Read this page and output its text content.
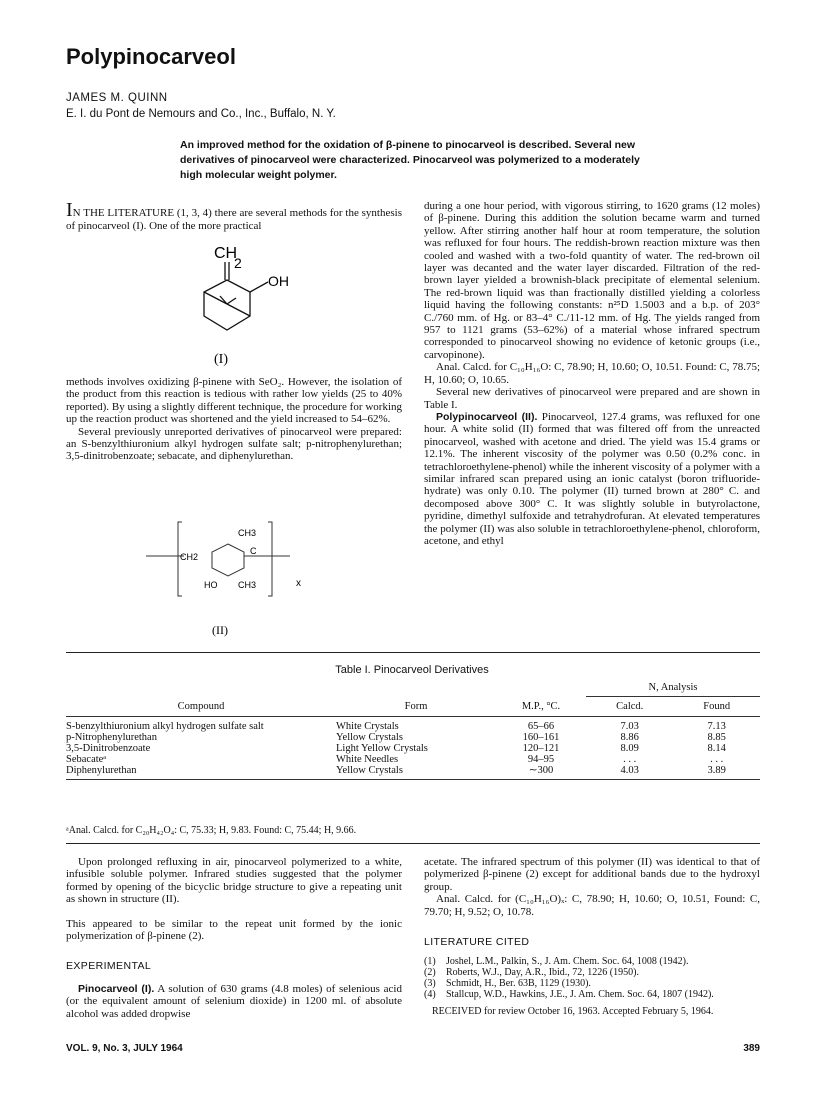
Polypinocarveol
JAMES M. QUINN
E. I. du Pont de Nemours and Co., Inc., Buffalo, N. Y.
An improved method for the oxidation of β-pinene to pinocarveol is described. Several new derivatives of pinocarveol were characterized. Pinocarveol was polymerized to a moderately high molecular weight polymer.
IN THE LITERATURE (1, 3, 4) there are several methods for the synthesis of pinocarveol (I). One of the more practical
CH
2
OH
(I)

methods involves oxidizing β-pinene with SeO₂. However, the isolation of the product from this reaction is tedious with rather low yields (25 to 40% reported). By using a slightly different technique, the procedure for working up the reaction product was shortened and the yield increased to 54–62%.

Several previously unreported derivatives of pinocarveol were prepared: an S-benzylthiuronium alkyl hydrogen sulfate salt; p-nitrophenylurethan; 3,5-dinitrobenzoate; sebacate, and diphenylurethan.

CH2
CH3
C
HO CH3	x
(II)

during a one hour period, with vigorous stirring, to 1620 grams (12 moles) of β-pinene. During this addition the solution became warm and turned yellow. After stirring another half hour at room temperature, the solution was refluxed for four hours. The reddish-brown reaction mixture was then cooled and washed with a two-fold quantity of water. The red-brown oil layer was decanted and the water layer discarded. Filtration of the red-brown layer yielded a brownish-black precipitate of elemental selenium. The red-brown liquid was than fractionally distilled yielding a colorless liquid having the following constants: n²⁵D 1.5003 and a b.p. of 203° C./760 mm. of Hg. or 83–4° C./11-12 mm. of Hg. The yields ranged from 957 to 1121 grams (53–62%) of a material whose infrared spectrum corresponded to pinocarveol showing no evidence of ketonic groups (i.e., carvopinone).

Anal. Calcd. for C₁₀H₁₆O: C, 78.90; H, 10.60; O, 10.51. Found: C, 78.75; H, 10.60; O, 10.65.

Several new derivatives of pinocarveol were prepared and are shown in Table I.

Polypinocarveol (II). Pinocarveol, 127.4 grams, was refluxed for one hour. A white solid (II) formed that was filtered off from the unreacted pinocarveol, washed with acetone and dried. The yield was 15.4 grams or 12.1%. The inherent viscosity of the polymer was 0.50 (0.2% conc. in tetrachloroethylene-phenol) while the inherent viscosity of a polymer with a similar infrared scan prepared using an ionic catalyst (boron trifluoride-hydrate) was only 0.10. The polymer (II) turned brown at 280° C. and decomposed above 300° C. It was slightly soluble in butyrolactone, pyridine, dimethyl sulfoxide and tetrahydrofuran. At elevated temperatures the polymer (II) was also soluble in tetrachloroethylene-phenol, chloroform, acetone, and ethyl

Table I. Pinocarveol Derivatives
			N, Analysis	
Compound	Form	M.P., °C.	Calcd.	Found
S-benzylthiuronium alkyl hydrogen sulfate salt	White Crystals	65–66	7.03	7.13
p-Nitrophenylurethan	Yellow Crystals	160–161	8.86	8.85
3,5-Dinitrobenzoate	Light Yellow Crystals	120–121	8.09	8.14
Sebacateᵃ	White Needles	94–95	. . .	. . .
Diphenylurethan	Yellow Crystals	∼300	4.03	3.89
ᵃAnal. Calcd. for C₂₀H₄₂O₄: C, 75.33; H, 9.83. Found: C, 75.44; H, 9.66.

Upon prolonged refluxing in air, pinocarveol polymerized to a white, infusible soluble polymer. Infrared studies suggested that the polymer formed by opening of the bicyclic bridge structure to give a repeating unit as shown in structure (II).

This appeared to be similar to the repeat unit formed by the ionic polymerization of β-pinene (2).

EXPERIMENTAL

Pinocarveol (I). A solution of 630 grams (4.8 moles) of selenious acid (or the equivalent amount of selenium dioxide) in 1200 ml. of absolute alcohol was added dropwise

acetate. The infrared spectrum of this polymer (II) was identical to that of polymerized β-pinene (2) except for additional bands due to the hydroxyl group.

Anal. Calcd. for (C₁₀H₁₆O)ₓ: C, 78.90; H, 10.60; O, 10.51, Found: C, 79.70; H, 9.52; O, 10.78.

LITERATURE CITED

(1)	Joshel, L.M., Palkin, S., J. Am. Chem. Soc. 64, 1008 (1942).
(2)	Roberts, W.J., Day, A.R., Ibid., 72, 1226 (1950).
(3)	Schmidt, H., Ber. 63B, 1129 (1930).
(4)	Stallcup, W.D., Hawkins, J.E., J. Am. Chem. Soc. 64, 1807 (1942).

RECEIVED for review October 16, 1963. Accepted February 5, 1964.

VOL. 9, No. 3, JULY 1964	389
